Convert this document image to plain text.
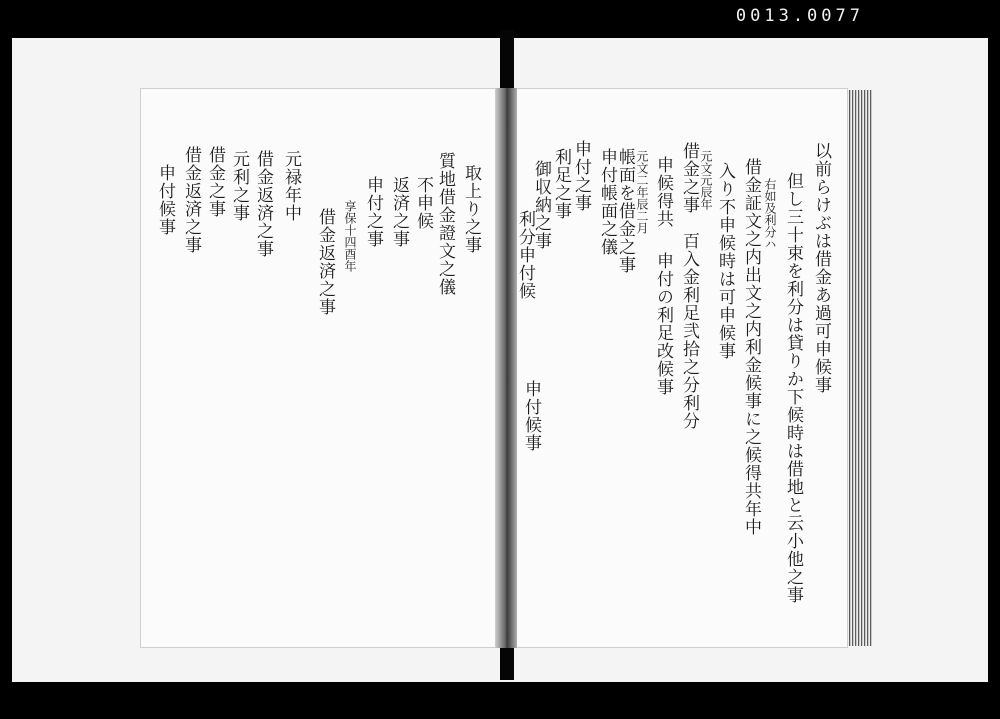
0013.0077
以前らけぶは借金あ過可申候事
但し三十束を利分は貸りか下候時は借地と云小他之事
右如及利分ハ
借金証文之内出文之内利金候事に之候得共年中
入り不申候時は可申候事
元文元辰年
借金之事
百入金利足弐拾之分利分
申候得共
申付の利足改候事
元文二年辰二月
帳面を借金之事
申付帳面之儀
申付之事
利足之事
御収納之事
利分申付候
申付候事
取上り之事
質地借金證文之儀
不申候
返済之事
申付之事
享保十四酉年
借金返済之事
元禄年中
借金返済之事
元利之事
借金之事
借金返済之事
申付候事
